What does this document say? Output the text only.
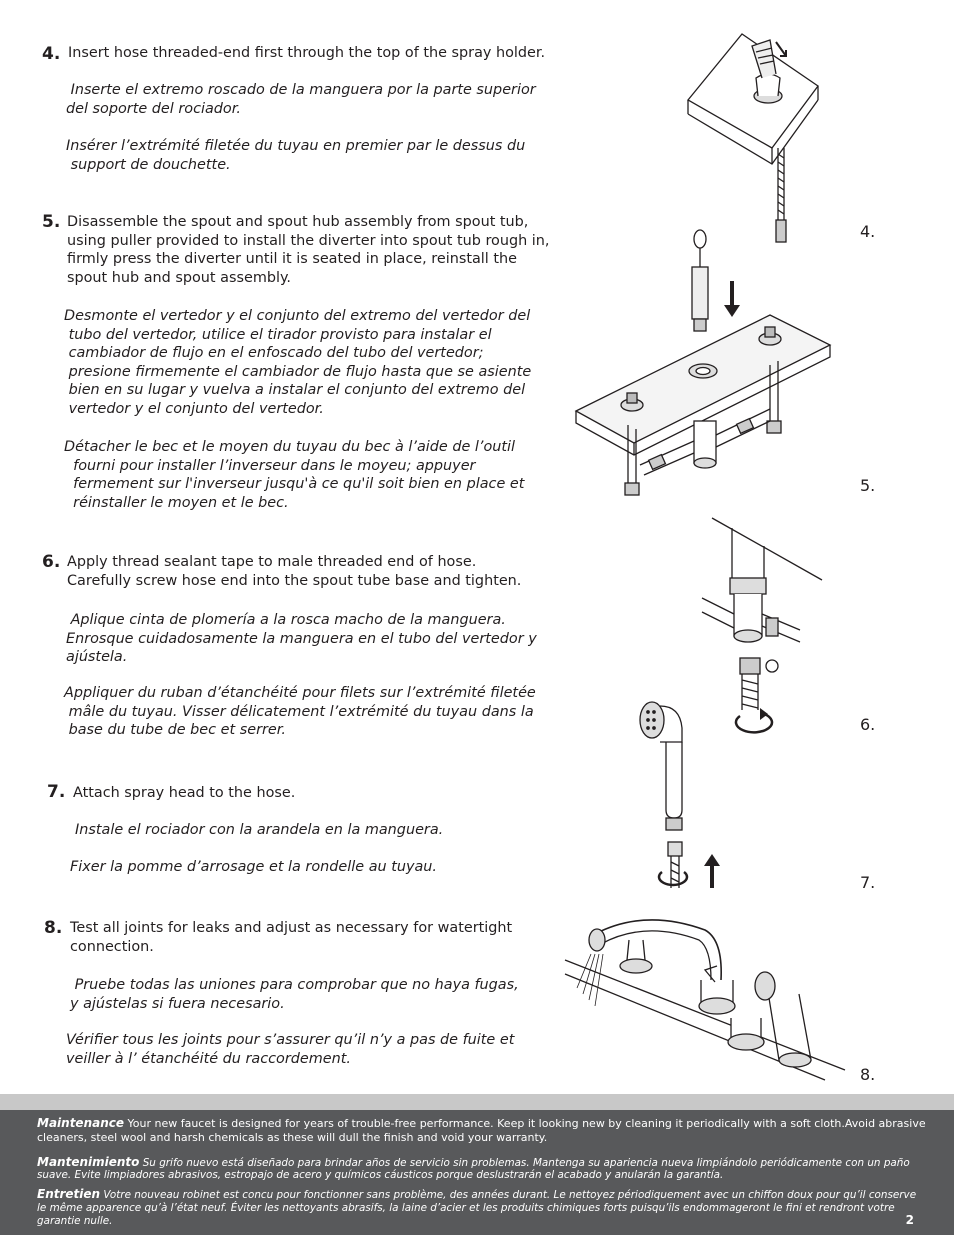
4. Insert hose threaded-end first through the top of the spray holder.
Inserte el extremo roscado de la manguera por la parte superior
del soporte del rociador.
Insérer l’extrémité filetée du tuyau en premier par le dessus du
support de douchette.
5. Disassemble the spout and spout hub assembly from spout tub,
using puller provided to install the diverter into spout tub rough in,
firmly press the diverter until it is seated in place, reinstall the
spout hub and spout assembly.
Desmonte el vertedor y el conjunto del extremo del vertedor del
tubo del vertedor, utilice el tirador provisto para instalar el
cambiador de flujo en el enfoscado del tubo del vertedor;
presione firmemente el cambiador de flujo hasta que se asiente
bien en su lugar y vuelva a instalar el conjunto del extremo del
vertedor y el conjunto del vertedor.
Détacher le bec et le moyen du tuyau du bec à l’aide de l’outil
fourni pour installer l’inverseur dans le moyeu; appuyer
fermement sur l'inverseur jusqu'à ce qu'il soit bien en place et
réinstaller le moyen et le bec.
6. Apply thread sealant tape to male threaded end of hose.
Carefully screw hose end into the spout tube base and tighten.
Aplique cinta de plomería a la rosca macho de la manguera.
Enrosque cuidadosamente la manguera en el tubo del vertedor y
ajústela.
Appliquer du ruban d’étanchéité pour filets sur l’extrémité filetée
mâle du tuyau. Visser délicatement l’extrémité du tuyau dans la
base du tube de bec et serrer.
7. Attach spray head to the hose.
Instale el rociador con la arandela en la manguera.
Fixer la pomme d’arrosage et la rondelle au tuyau.
8. Test all joints for leaks and adjust as necessary for watertight
connection.
Pruebe todas las uniones para comprobar que no haya fugas,
y ajústelas si fuera necesario.
Vérifier tous les joints pour s’assurer qu’il n’y a pas de fuite et
veiller à l’ étanchéité du raccordement.
4.
5.
6.
7.
8.
Maintenance Your new faucet is designed for years of trouble-free performance. Keep it looking new by cleaning it periodically with a soft cloth.Avoid abrasive cleaners, steel wool and harsh chemicals as these will dull the finish and void your warranty.
Mantenimiento Su grifo nuevo está diseñado para brindar años de servicio sin problemas. Mantenga su apariencia nueva limpiándolo periódicamente con un paño suave. Evite limpiadores abrasivos, estropajo de acero y químicos cáusticos porque deslustrarán el acabado y anularán la garantía.
Entretien Votre nouveau robinet est concu pour fonctionner sans problème, des années durant. Le nettoyez périodiquement avec un chiffon doux pour qu’il conserve le même apparence qu’à l’état neuf. Éviter les nettoyants abrasifs, la laine d’acier et les produits chimiques forts puisqu’ils endommageront le fini et rendront votre garantie nulle.	2
